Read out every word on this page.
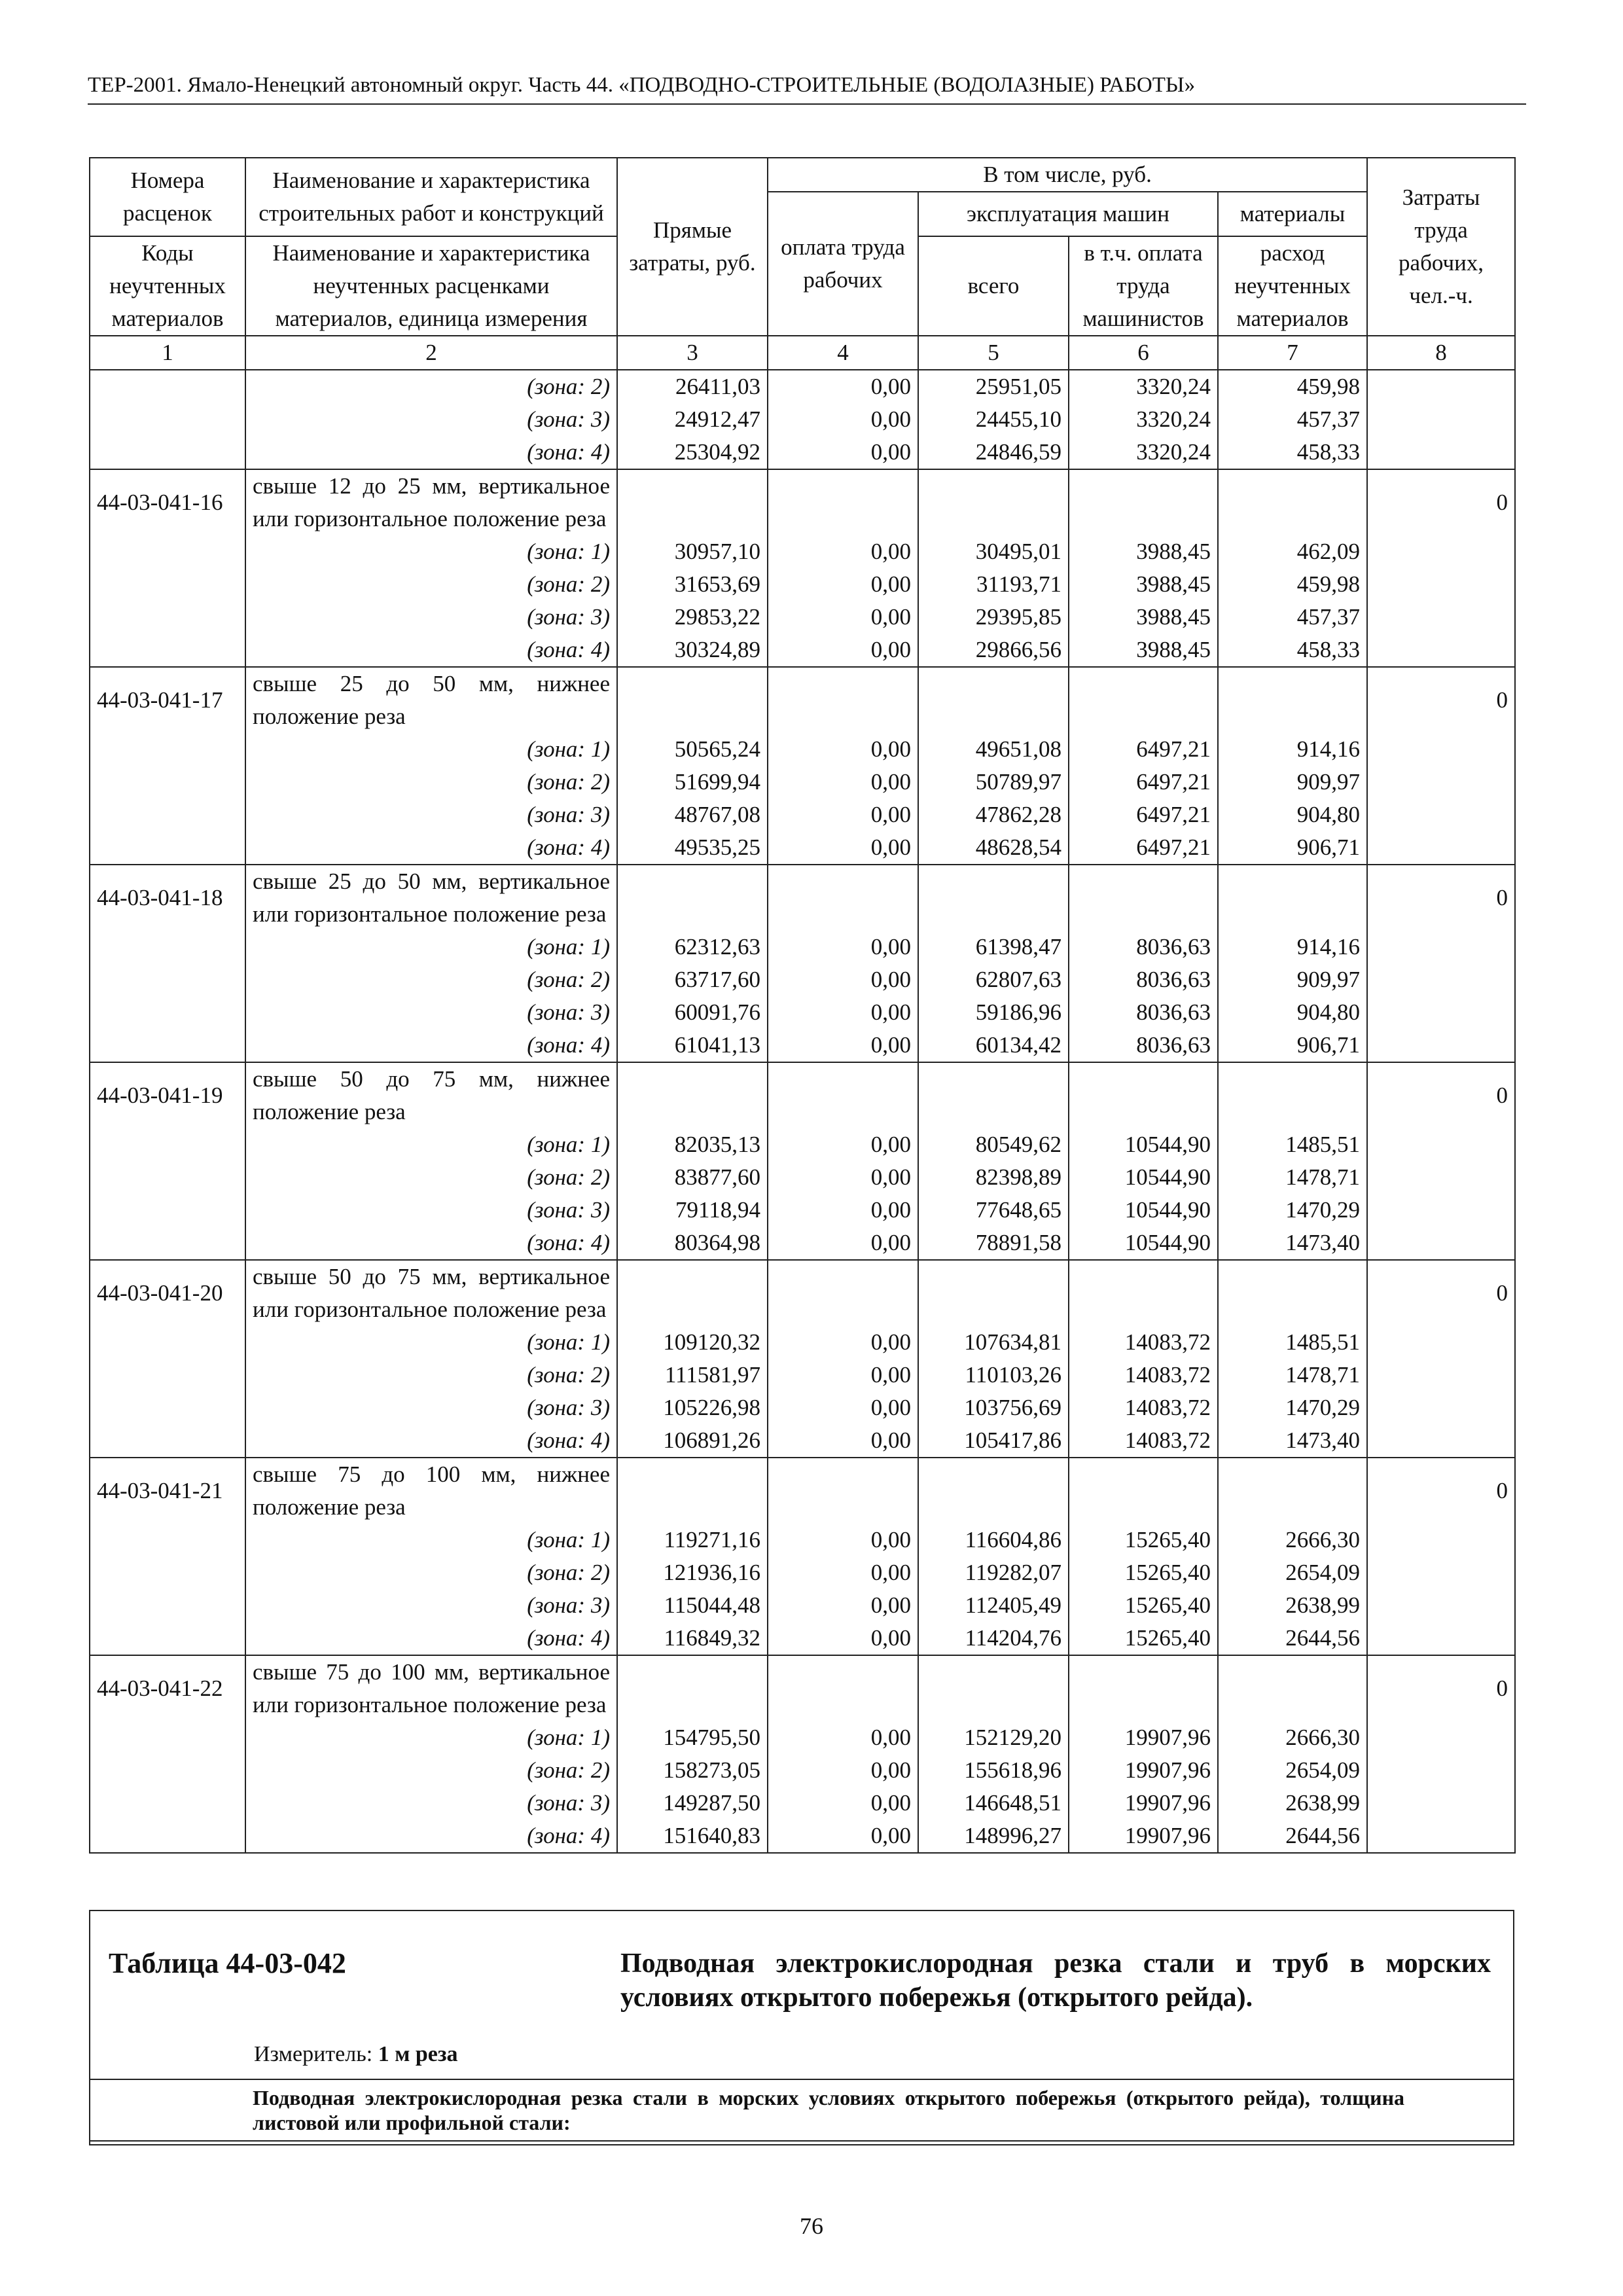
ТЕР-2001. Ямало-Ненецкий автономный округ. Часть 44. «ПОДВОДНО-СТРОИТЕЛЬНЫЕ (ВОДОЛАЗНЫЕ) РАБОТЫ»
Номера расценок	Наименование и характеристика строительных работ и конструкций	Прямые затраты, руб.	В том числе, руб.				Затраты труда рабочих, чел.-ч.
			оплата труда рабочих	эксплуатация машин		материалы	
Коды неучтенных материалов	Наименование и характеристика неучтенных расценками материалов, единица измерения			всего	в т.ч. оплата труда машинистов	расход неучтенных материалов	
1	2	3	4	5	6	7	8
	(зона: 2)	26411,03	0,00	25951,05	3320,24	459,98	
	(зона: 3)	24912,47	0,00	24455,10	3320,24	457,37	
	(зона: 4)	25304,92	0,00	24846,59	3320,24	458,33	
44-03-041-16	свыше 12 до 25 мм, вертикальное или горизонтальное положение реза						0
	(зона: 1)	30957,10	0,00	30495,01	3988,45	462,09	
	(зона: 2)	31653,69	0,00	31193,71	3988,45	459,98	
	(зона: 3)	29853,22	0,00	29395,85	3988,45	457,37	
	(зона: 4)	30324,89	0,00	29866,56	3988,45	458,33	
44-03-041-17	свыше 25 до 50 мм, нижнее положение реза						0
	(зона: 1)	50565,24	0,00	49651,08	6497,21	914,16	
	(зона: 2)	51699,94	0,00	50789,97	6497,21	909,97	
	(зона: 3)	48767,08	0,00	47862,28	6497,21	904,80	
	(зона: 4)	49535,25	0,00	48628,54	6497,21	906,71	
44-03-041-18	свыше 25 до 50 мм, вертикальное или горизонтальное положение реза						0
	(зона: 1)	62312,63	0,00	61398,47	8036,63	914,16	
	(зона: 2)	63717,60	0,00	62807,63	8036,63	909,97	
	(зона: 3)	60091,76	0,00	59186,96	8036,63	904,80	
	(зона: 4)	61041,13	0,00	60134,42	8036,63	906,71	
44-03-041-19	свыше 50 до 75 мм, нижнее положение реза						0
	(зона: 1)	82035,13	0,00	80549,62	10544,90	1485,51	
	(зона: 2)	83877,60	0,00	82398,89	10544,90	1478,71	
	(зона: 3)	79118,94	0,00	77648,65	10544,90	1470,29	
	(зона: 4)	80364,98	0,00	78891,58	10544,90	1473,40	
44-03-041-20	свыше 50 до 75 мм, вертикальное или горизонтальное положение реза						0
	(зона: 1)	109120,32	0,00	107634,81	14083,72	1485,51	
	(зона: 2)	111581,97	0,00	110103,26	14083,72	1478,71	
	(зона: 3)	105226,98	0,00	103756,69	14083,72	1470,29	
	(зона: 4)	106891,26	0,00	105417,86	14083,72	1473,40	
44-03-041-21	свыше 75 до 100 мм, нижнее положение реза						0
	(зона: 1)	119271,16	0,00	116604,86	15265,40	2666,30	
	(зона: 2)	121936,16	0,00	119282,07	15265,40	2654,09	
	(зона: 3)	115044,48	0,00	112405,49	15265,40	2638,99	
	(зона: 4)	116849,32	0,00	114204,76	15265,40	2644,56	
44-03-041-22	свыше 75 до 100 мм, вертикальное или горизонтальное положение реза						0
	(зона: 1)	154795,50	0,00	152129,20	19907,96	2666,30	
	(зона: 2)	158273,05	0,00	155618,96	19907,96	2654,09	
	(зона: 3)	149287,50	0,00	146648,51	19907,96	2638,99	
	(зона: 4)	151640,83	0,00	148996,27	19907,96	2644,56	
Таблица 44-03-042	Подводная электрокислородная резка стали и труб в морских условиях открытого побережья (открытого рейда).
Измеритель: 1 м реза
Подводная электрокислородная резка стали в морских условиях открытого побережья (открытого рейда), толщина листовой или профильной стали:
76
